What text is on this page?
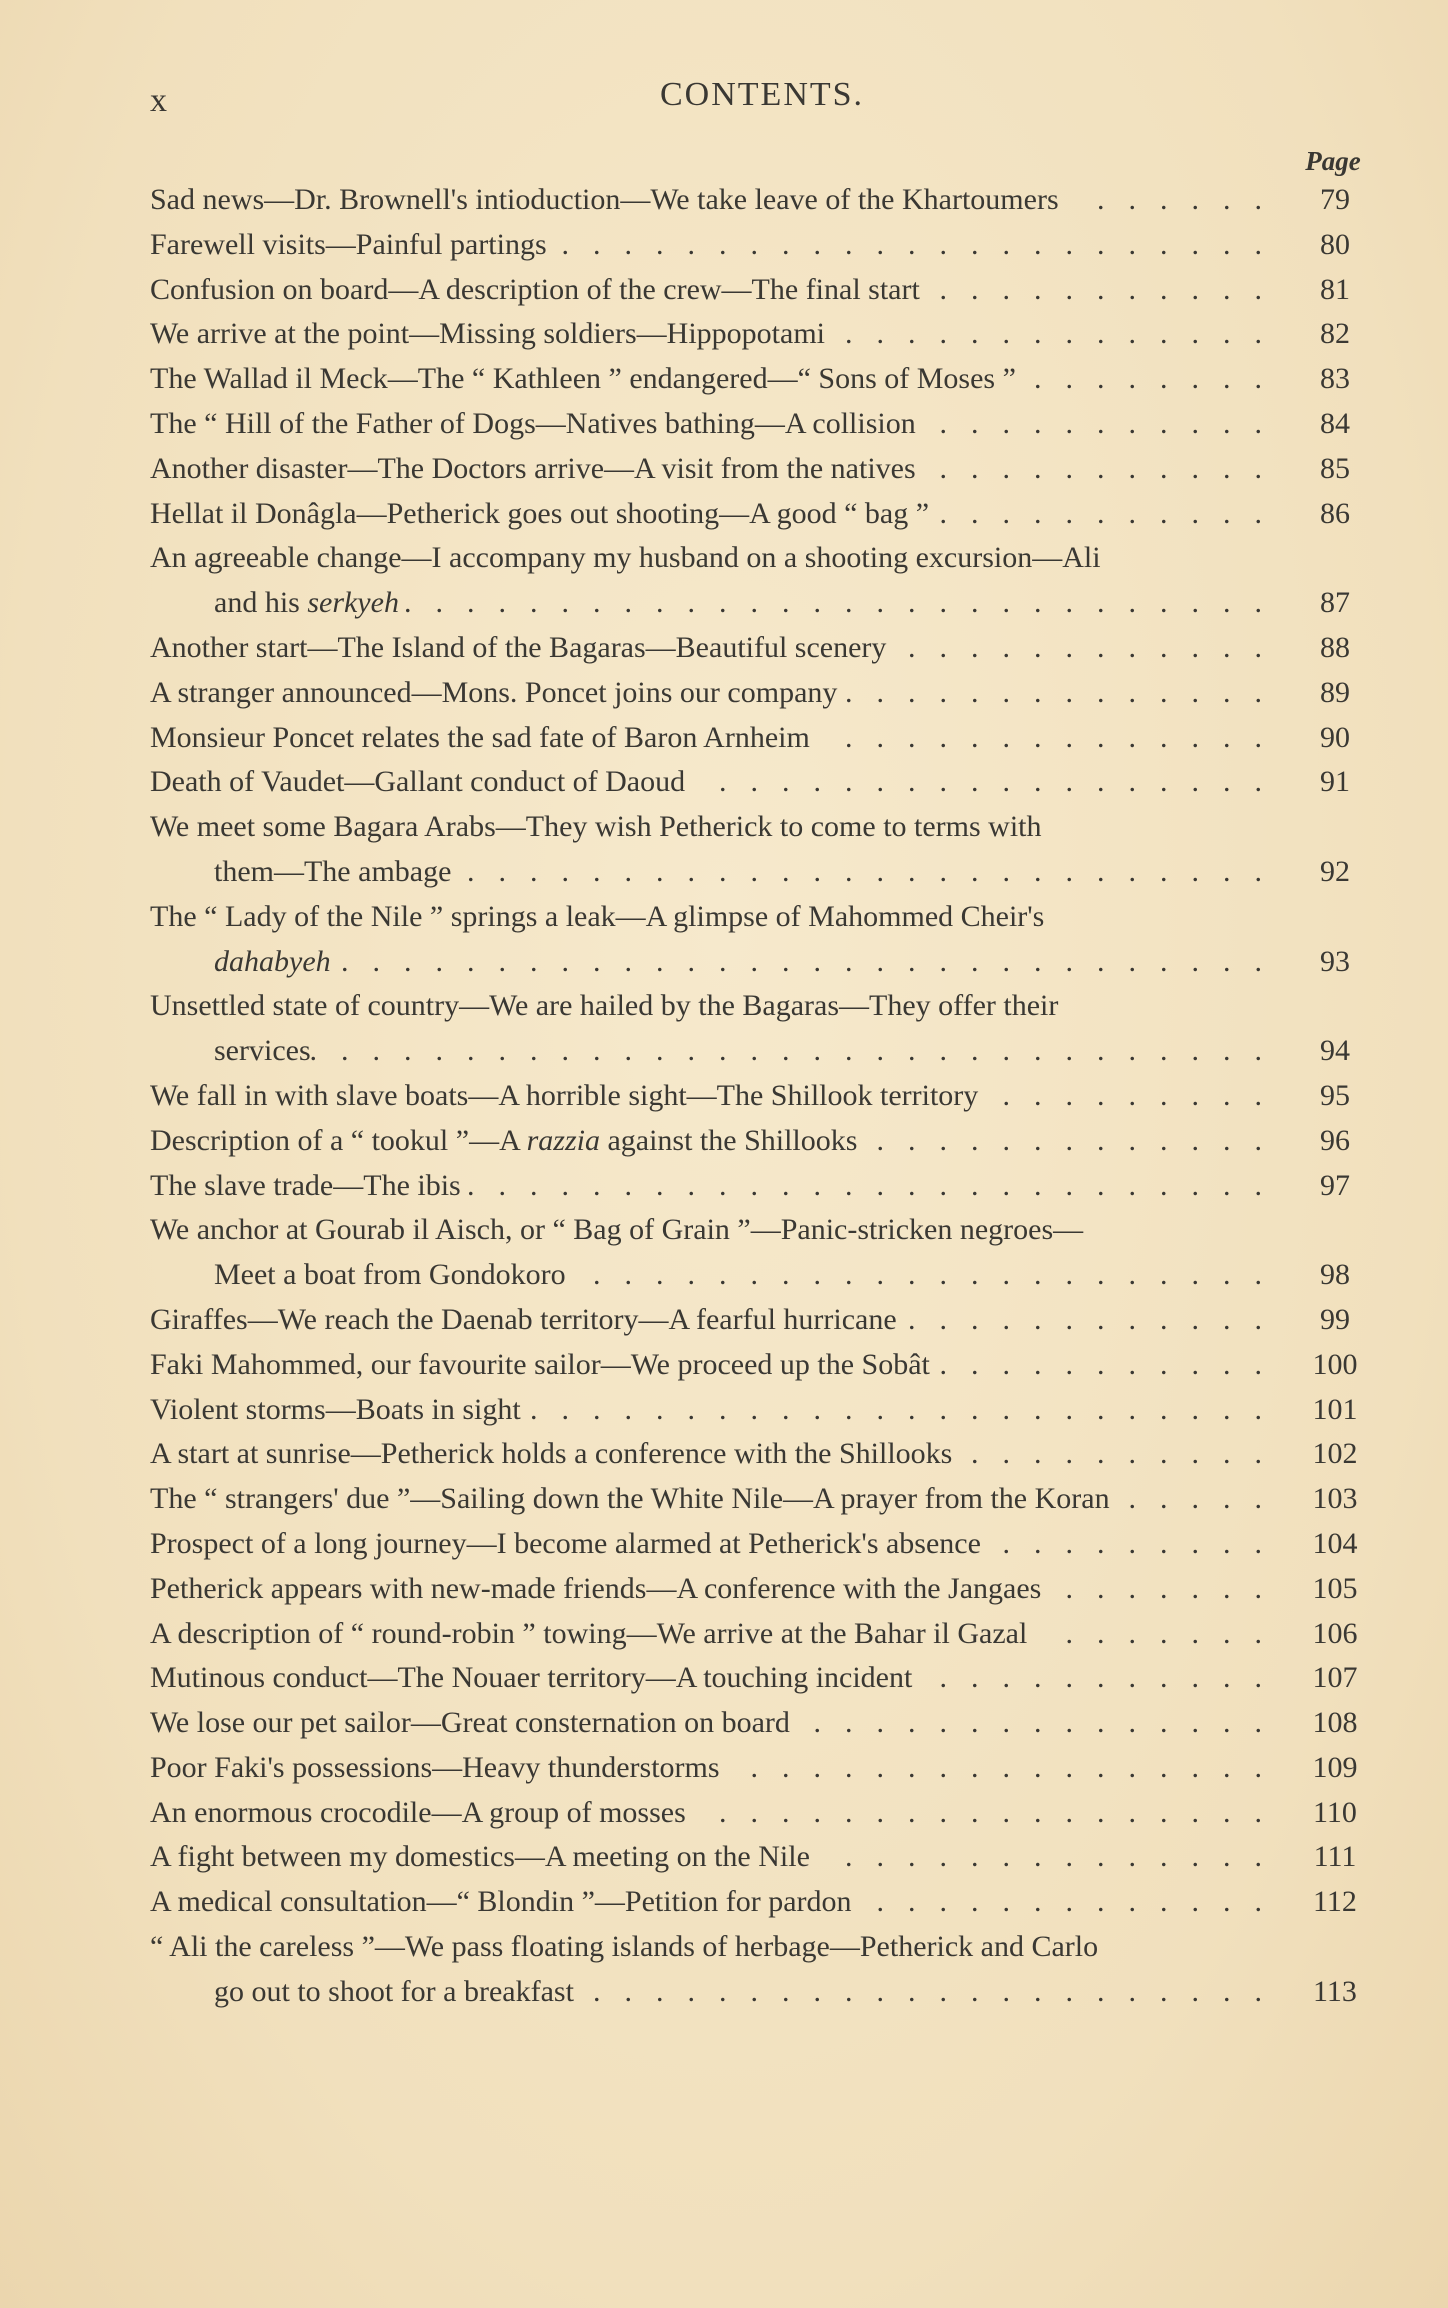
x	CONTENTS.
Page
Sad news—Dr. Brownell's intioduction—We take leave of the Khartoumers ......	79
Farewell visits—Painful partings .......................	80
Confusion on board—A description of the crew—The final start ...........	81
We arrive at the point—Missing soldiers—Hippopotami ..............	82
The Wallad il Meck—The “ Kathleen ” endangered—“ Sons of Moses ” ........	83
The “ Hill of the Father of Dogs—Natives bathing—A collision ...........	84
Another disaster—The Doctors arrive—A visit from the natives ...........	85
Hellat il Donâgla—Petherick goes out shooting—A good “ bag ” ...........	86
An agreeable change—I accompany my husband on a shooting excursion—Ali
and his serkyeh ............................	87
Another start—The Island of the Bagaras—Beautiful scenery ............	88
A stranger announced—Mons. Poncet joins our company ..............	89
Monsieur Poncet relates the sad fate of Baron Arnheim ..............	90
Death of Vaudet—Gallant conduct of Daoud ..................	91
We meet some Bagara Arabs—They wish Petherick to come to terms with
them—The ambage ..........................	92
The “ Lady of the Nile ” springs a leak—A glimpse of Mahommed Cheir's
dahabyeh ..............................	93
Unsettled state of country—We are hailed by the Bagaras—They offer their
services
...............................	94
We fall in with slave boats—A horrible sight—The Shillook territory .........	95
Description of a “ tookul ”—A razzia against the Shillooks .............	96
The slave trade—The ibis ..........................	97
We anchor at Gourab il Aisch, or “ Bag of Grain ”—Panic-stricken negroes—
Meet a boat from Gondokoro ......................	98
Giraffes—We reach the Daenab territory—A fearful hurricane ............	99
Faki Mahommed, our favourite sailor—We proceed up the Sobât ........... 100
Violent storms—Boats in sight ........................ 101
A start at sunrise—Petherick holds a conference with the Shillooks .......... 102
The “ strangers' due ”—Sailing down the White Nile—A prayer from the Koran ..... 103
Prospect of a long journey—I become alarmed at Petherick's absence ......... 104
Petherick appears with new-made friends—A conference with the Jangaes ....... 105
A description of “ round-robin ” towing—We arrive at the Bahar il Gazal ....... 106
Mutinous conduct—The Nouaer territory—A touching incident ........... 107
We lose our pet sailor—Great consternation on board ............... 108
Poor Faki's possessions—Heavy thunderstorms ................. 109
An enormous crocodile—A group of mosses .................. 110
A fight between my domestics—A meeting on the Nile .............. 111
A medical consultation—“ Blondin ”—Petition for pardon ............. 112
“ Ali the careless ”—We pass floating islands of herbage—Petherick and Carlo
go out to shoot for a breakfast ...................... 113
